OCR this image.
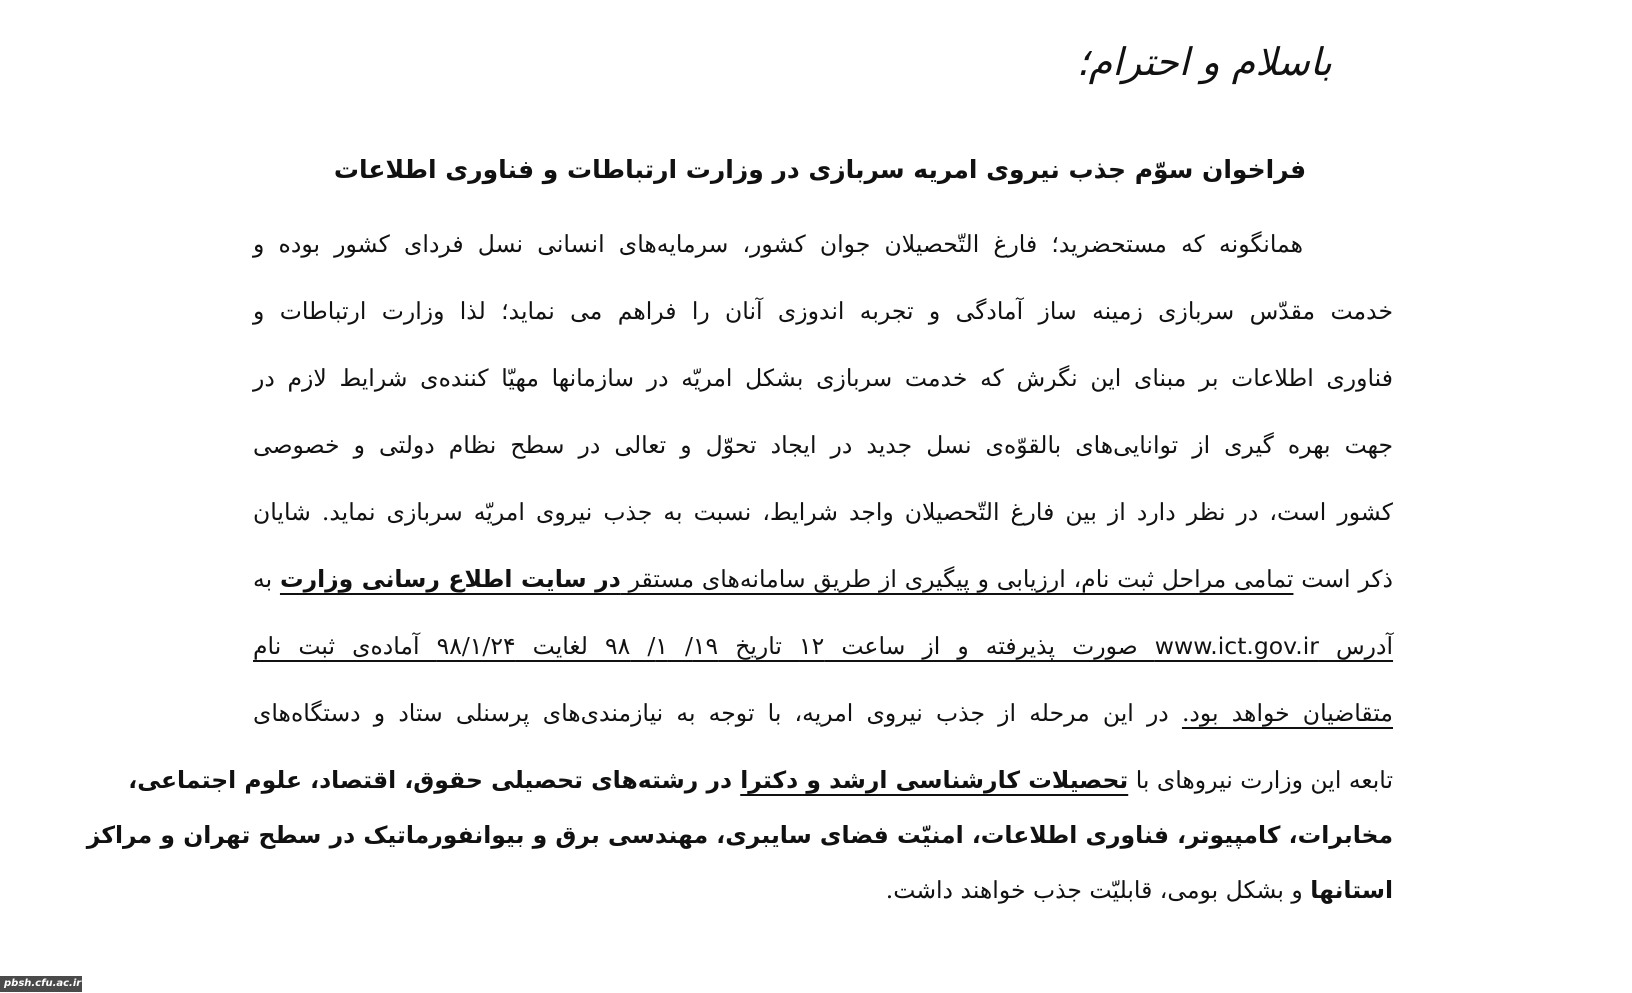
باسلام و احترام؛
فراخوان سوّم جذب نیروی امریه سربازی در وزارت ارتباطات و فناوری اطلاعات
همانگونه که مستحضرید؛ فارغ التّحصیلان جوان کشور، سرمایه‌های انسانی نسل فردای کشور بوده و
خدمت مقدّس سربازی زمینه ساز آمادگی و تجربه اندوزی آنان را فراهم می نماید؛ لذا وزارت ارتباطات و
فناوری اطلاعات بر مبنای این نگرش که خدمت سربازی بشکل امریّه در سازمانها مهیّا کننده‌ی شرایط لازم در
جهت بهره گیری از توانایی‌های بالقوّه‌ی نسل جدید در ایجاد تحوّل و تعالی در سطح نظام دولتی و خصوصی
کشور است، در نظر دارد از بین فارغ التّحصیلان واجد شرایط، نسبت به جذب نیروی امریّه سربازی نماید. شایان
ذکر است تمامی مراحل ثبت نام، ارزیابی و پیگیری از طریق سامانه‌های مستقر در سایت اطلاع رسانی وزارت به
آدرس www.ict.gov.ir صورت پذیرفته و از ساعت ۱۲ تاریخ ۱۹/ ۱/ ۹۸ لغایت ۹۸/۱/۲۴ آماده‌ی ثبت نام
متقاضیان خواهد بود. در این مرحله از جذب نیروی امریه، با توجه به نیازمندی‌های پرسنلی ستاد و دستگاه‌های
تابعه این وزارت نیروهای با تحصیلات کارشناسی ارشد و دکترا در رشته‌های تحصیلی حقوق، اقتصاد، علوم اجتماعی،
مخابرات، کامپیوتر، فناوری اطلاعات، امنیّت فضای سایبری، مهندسی برق و بیوانفورماتیک در سطح تهران و مراکز
استانها و بشکل بومی، قابلیّت جذب خواهند داشت.
pbsh.cfu.ac.ir
